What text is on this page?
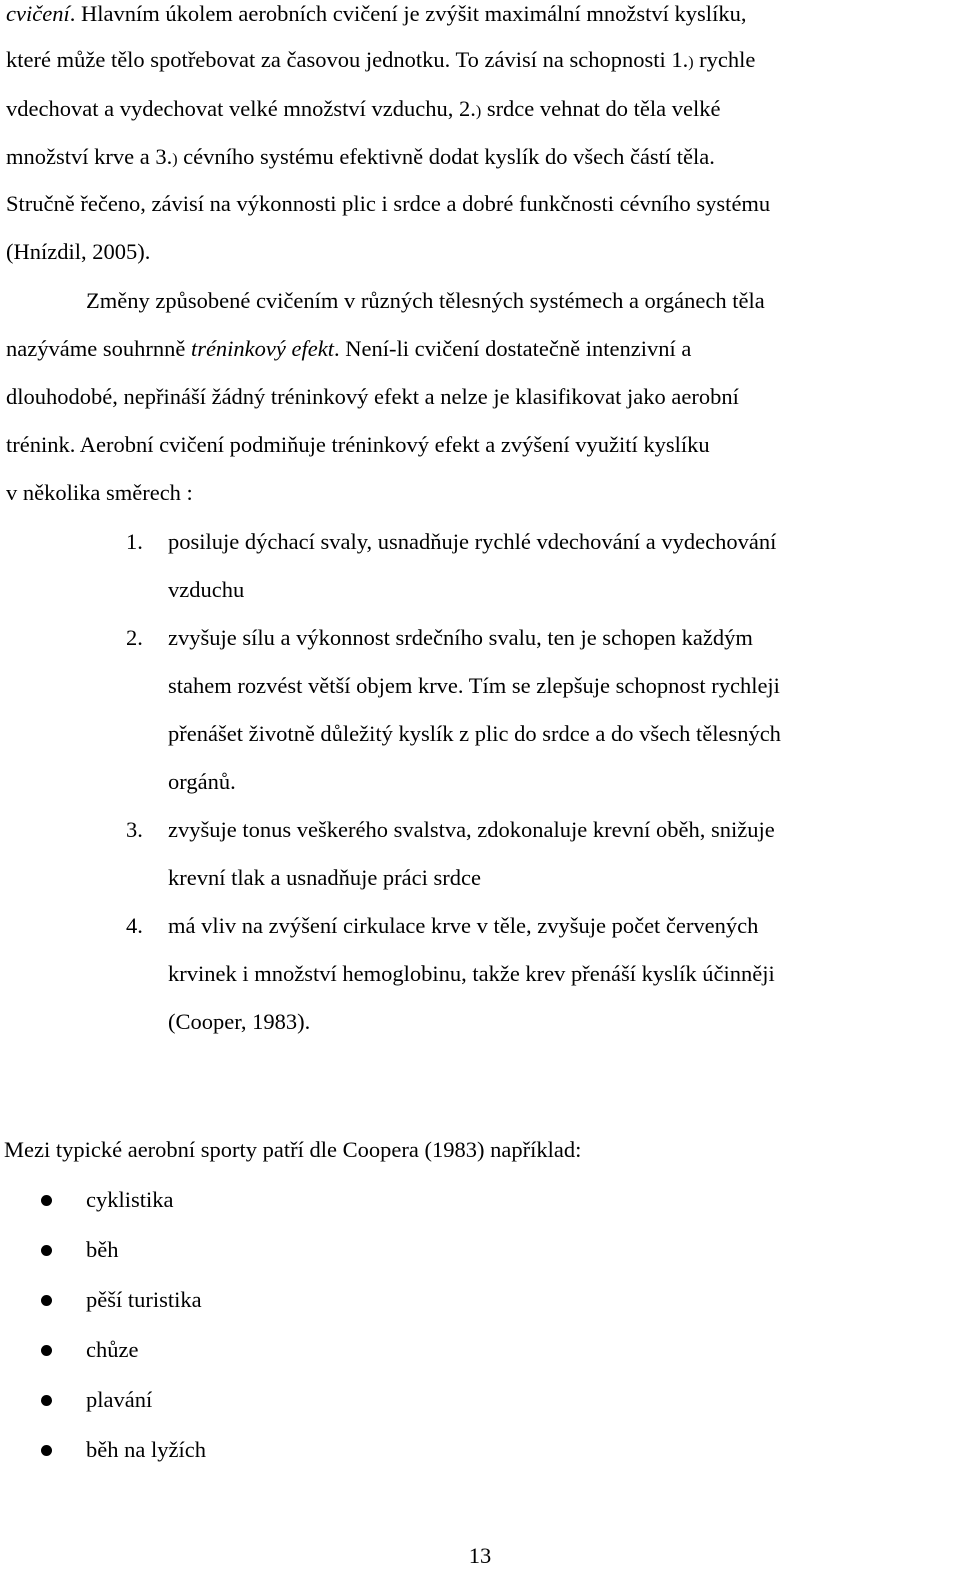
cvičení. Hlavním úkolem aerobních cvičení je zvýšit maximální množství kyslíku,
které může tělo spotřebovat za časovou jednotku. To závisí na schopnosti 1.) rychle
vdechovat a vydechovat velké množství vzduchu, 2.) srdce vehnat do těla velké
množství krve a 3.) cévního systému efektivně dodat kyslík do všech částí těla.
Stručně řečeno, závisí na výkonnosti plic i srdce a dobré funkčnosti cévního systému
(Hnízdil, 2005).
Změny způsobené cvičením v různých tělesných systémech a orgánech těla
nazýváme souhrnně tréninkový efekt. Není-li cvičení dostatečně intenzivní a
dlouhodobé, nepřináší žádný tréninkový efekt a nelze je klasifikovat jako aerobní
trénink. Aerobní cvičení podmiňuje tréninkový efekt a zvýšení využití kyslíku
v několika směrech :
1. posiluje dýchací svaly, usnadňuje rychlé vdechování a vydechování
vzduchu
2. zvyšuje sílu a výkonnost srdečního svalu, ten je schopen každým
stahem rozvést větší objem krve. Tím se zlepšuje schopnost rychleji
přenášet životně důležitý kyslík z plic do srdce a do všech tělesných
orgánů.
3. zvyšuje tonus veškerého svalstva, zdokonaluje krevní oběh, snižuje
krevní tlak a usnadňuje práci srdce
4. má vliv na zvýšení cirkulace krve v těle, zvyšuje počet červených
krvinek i množství hemoglobinu, takže krev přenáší kyslík účinněji
(Cooper, 1983).
Mezi typické aerobní sporty patří dle Coopera (1983) například:
cyklistika
běh
pěší turistika
chůze
plavání
běh na lyžích
13
